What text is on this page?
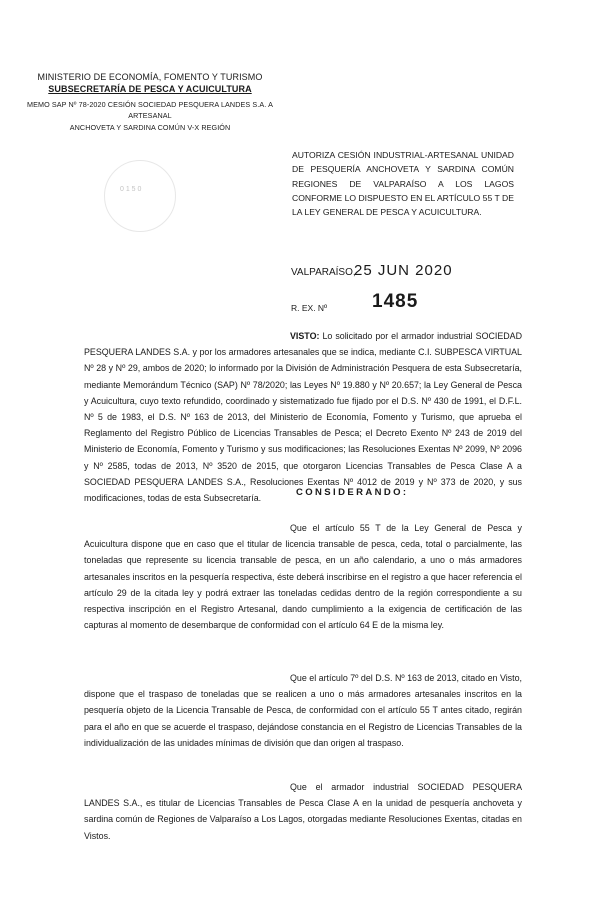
MINISTERIO DE ECONOMÍA, FOMENTO Y TURISMO
SUBSECRETARÍA DE PESCA Y ACUICULTURA
MEMO SAP Nº 78-2020 CESIÓN SOCIEDAD PESQUERA LANDES S.A. A
ARTESANAL
ANCHOVETA Y SARDINA COMÚN V-X REGIÓN
0 1 5 0
AUTORIZA CESIÓN INDUSTRIAL-ARTESANAL UNIDAD DE PESQUERÍA ANCHOVETA Y SARDINA COMÚN REGIONES DE VALPARAÍSO A LOS LAGOS CONFORME LO DISPUESTO EN EL ARTÍCULO 55 T DE LA LEY GENERAL DE PESCA Y ACUICULTURA.
VALPARAÍSO,
25 JUN 2020
R. EX. Nº 1485
VISTO: Lo solicitado por el armador industrial SOCIEDAD PESQUERA LANDES S.A. y por los armadores artesanales que se indica, mediante C.I. SUBPESCA VIRTUAL Nº 28 y Nº 29, ambos de 2020; lo informado por la División de Administración Pesquera de esta Subsecretaría, mediante Memorándum Técnico (SAP) Nº 78/2020; las Leyes Nº 19.880 y Nº 20.657; la Ley General de Pesca y Acuicultura, cuyo texto refundido, coordinado y sistematizado fue fijado por el D.S. Nº 430 de 1991, el D.F.L. Nº 5 de 1983, el D.S. Nº 163 de 2013, del Ministerio de Economía, Fomento y Turismo, que aprueba el Reglamento del Registro Público de Licencias Transables de Pesca; el Decreto Exento Nº 243 de 2019 del Ministerio de Economía, Fomento y Turismo y sus modificaciones; las Resoluciones Exentas Nº 2099, Nº 2096 y Nº 2585, todas de 2013, Nº 3520 de 2015, que otorgaron Licencias Transables de Pesca Clase A a SOCIEDAD PESQUERA LANDES S.A., Resoluciones Exentas Nº 4012 de 2019 y Nº 373 de 2020, y sus modificaciones, todas de esta Subsecretaría.
CONSIDERANDO:
Que el artículo 55 T de la Ley General de Pesca y Acuicultura dispone que en caso que el titular de licencia transable de pesca, ceda, total o parcialmente, las toneladas que represente su licencia transable de pesca, en un año calendario, a uno o más armadores artesanales inscritos en la pesquería respectiva, éste deberá inscribirse en el registro a que hacer referencia el artículo 29 de la citada ley y podrá extraer las toneladas cedidas dentro de la región correspondiente a su respectiva inscripción en el Registro Artesanal, dando cumplimiento a la exigencia de certificación de las capturas al momento de desembarque de conformidad con el artículo 64 E de la misma ley.
Que el artículo 7º del D.S. Nº 163 de 2013, citado en Visto, dispone que el traspaso de toneladas que se realicen a uno o más armadores artesanales inscritos en la pesquería objeto de la Licencia Transable de Pesca, de conformidad con el artículo 55 T antes citado, regirán para el año en que se acuerde el traspaso, dejándose constancia en el Registro de Licencias Transables de la individualización de las unidades mínimas de división que dan origen al traspaso.
Que el armador industrial SOCIEDAD PESQUERA LANDES S.A., es titular de Licencias Transables de Pesca Clase A en la unidad de pesquería anchoveta y sardina común de Regiones de Valparaíso a Los Lagos, otorgadas mediante Resoluciones Exentas, citadas en Vistos.
